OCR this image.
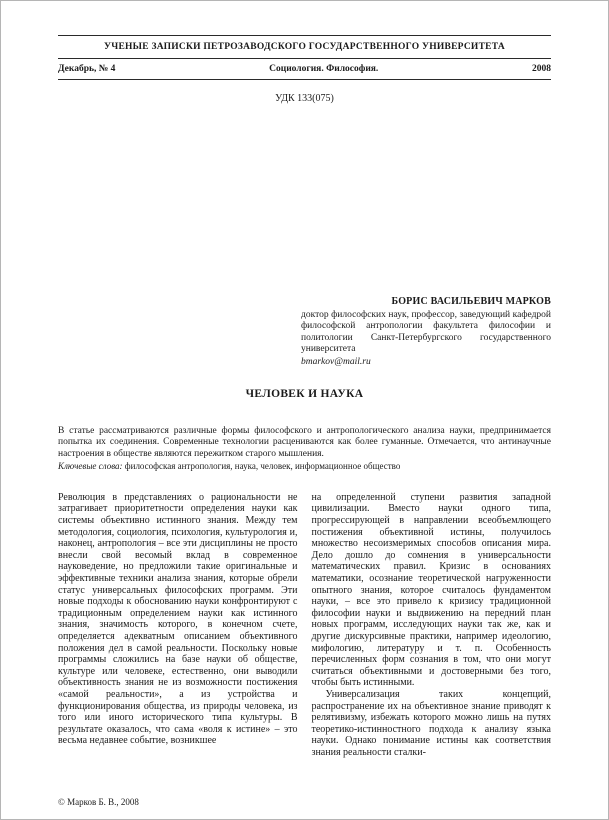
УЧЕНЫЕ ЗАПИСКИ ПЕТРОЗАВОДСКОГО ГОСУДАРСТВЕННОГО УНИВЕРСИТЕТА
Декабрь, № 4	Социология. Философия.	2008
УДК 133(075)
БОРИС ВАСИЛЬЕВИЧ МАРКОВ
доктор философских наук, профессор, заведующий кафедрой философской антропологии факультета философии и политологии Санкт-Петербургского государственного университета
bmarkov@mail.ru
ЧЕЛОВЕК И НАУКА

В статье рассматриваются различные формы философского и антропологического анализа науки, предпринимается попытка их соединения. Современные технологии расцениваются как более гуманные. Отмечается, что антинаучные настроения в обществе являются пережитком старого мышления.

Ключевые слова: философская антропология, наука, человек, информационное общество

Революция в представлениях о рациональности не затрагивает приоритетности определения науки как системы объективно истинного знания. Между тем методология, социология, психология, культурология и, наконец, антропология – все эти дисциплины не просто внесли свой весомый вклад в современное науковедение, но предложили такие оригинальные и эффективные техники анализа знания, которые обрели статус универсальных философских программ. Эти новые подходы к обоснованию науки конфронтируют с традиционным определением науки как истинного знания, значимость которого, в конечном счете, определяется адекватным описанием объективного положения дел в самой реальности. Поскольку новые программы сложились на базе науки об обществе, культуре или человеке, естественно, они выводили объективность знания не из возможности постижения «самой реальности», а из устройства и функционирования общества, из природы человека, из того или иного исторического типа культуры. В результате оказалось, что сама «воля к истине» – это весьма недавнее событие, возникшее

на определенной ступени развития западной цивилизации. Вместо науки одного типа, прогрессирующей в направлении всеобъемлющего постижения объективной истины, получилось множество несоизмеримых способов описания мира. Дело дошло до сомнения в универсальности математических правил. Кризис в основаниях математики, осознание теоретической нагруженности опытного знания, которое считалось фундаментом науки, – все это привело к кризису традиционной философии науки и выдвижению на передний план новых программ, исследующих науки так же, как и другие дискурсивные практики, например идеологию, мифологию, литературу и т. п. Особенность перечисленных форм сознания в том, что они могут считаться объективными и достоверными без того, чтобы быть истинными.

Универсализация таких концепций, распространение их на объективное знание приводят к релятивизму, избежать которого можно лишь на путях теоретико-истинностного подхода к анализу языка науки. Однако понимание истины как соответствия знания реальности сталки-

© Марков Б. В., 2008
